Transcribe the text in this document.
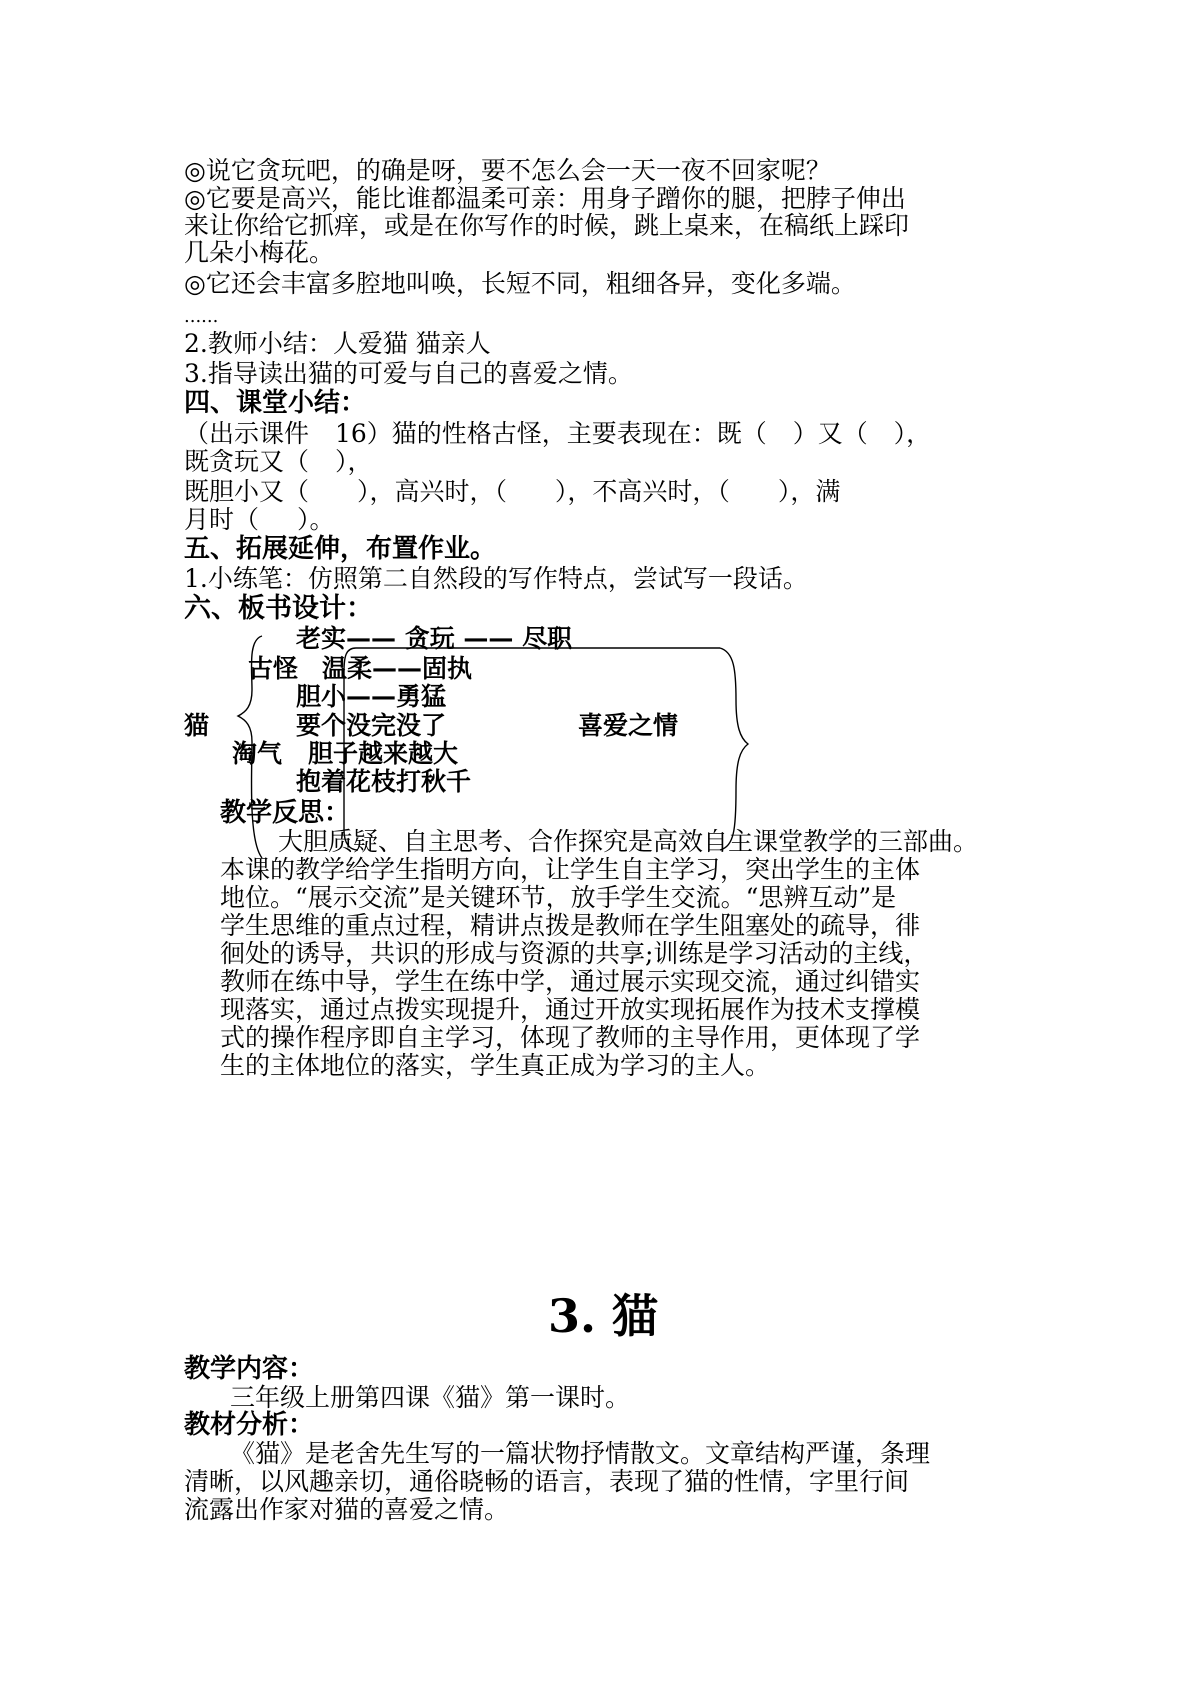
◎说它贪玩吧，的确是呀，要不怎么会一天一夜不回家呢？
◎它要是高兴，能比谁都温柔可亲：用身子蹭你的腿，把脖子伸出
来让你给它抓痒，或是在你写作的时候，跳上桌来，在稿纸上踩印
几朵小梅花。
◎它还会丰富多腔地叫唤，长短不同，粗细各异，变化多端。
......
2.教师小结：人爱猫 猫亲人
3.指导读出猫的可爱与自己的喜爱之情。
四、课堂小结：
（出示课件 16）猫的性格古怪，主要表现在：既（ ）又（ ），
既贪玩又（ ），
既胆小又（ ），高兴时，（ ），不高兴时，（ ），满
月时（ ）。
五、拓展延伸，布置作业。
1.小练笔：仿照第二自然段的写作特点，尝试写一段话。
六、板书设计：
老实—— 贪玩 —— 尽职
古怪 温柔——固执
胆小——勇猛
猫	要个没完没了	喜爱之情
淘气 胆子越来越大
抱着花枝打秋千
教学反思：
大胆质疑、自主思考、合作探究是高效自主课堂教学的三部曲。
本课的教学给学生指明方向，让学生自主学习，突出学生的主体
地位。“展示交流”是关键环节，放手学生交流。“思辨互动”是
学生思维的重点过程，精讲点拨是教师在学生阻塞处的疏导，徘
徊处的诱导，共识的形成与资源的共享;训练是学习活动的主线，
教师在练中导，学生在练中学，通过展示实现交流，通过纠错实
现落实，通过点拨实现提升，通过开放实现拓展作为技术支撑模
式的操作程序即自主学习，体现了教师的主导作用，更体现了学
生的主体地位的落实，学生真正成为学习的主人。
3. 猫
教学内容：
三年级上册第四课《猫》第一课时。
教材分析：
《猫》是老舍先生写的一篇状物抒情散文。文章结构严谨，条理
清晰，以风趣亲切，通俗晓畅的语言，表现了猫的性情，字里行间
流露出作家对猫的喜爱之情。
